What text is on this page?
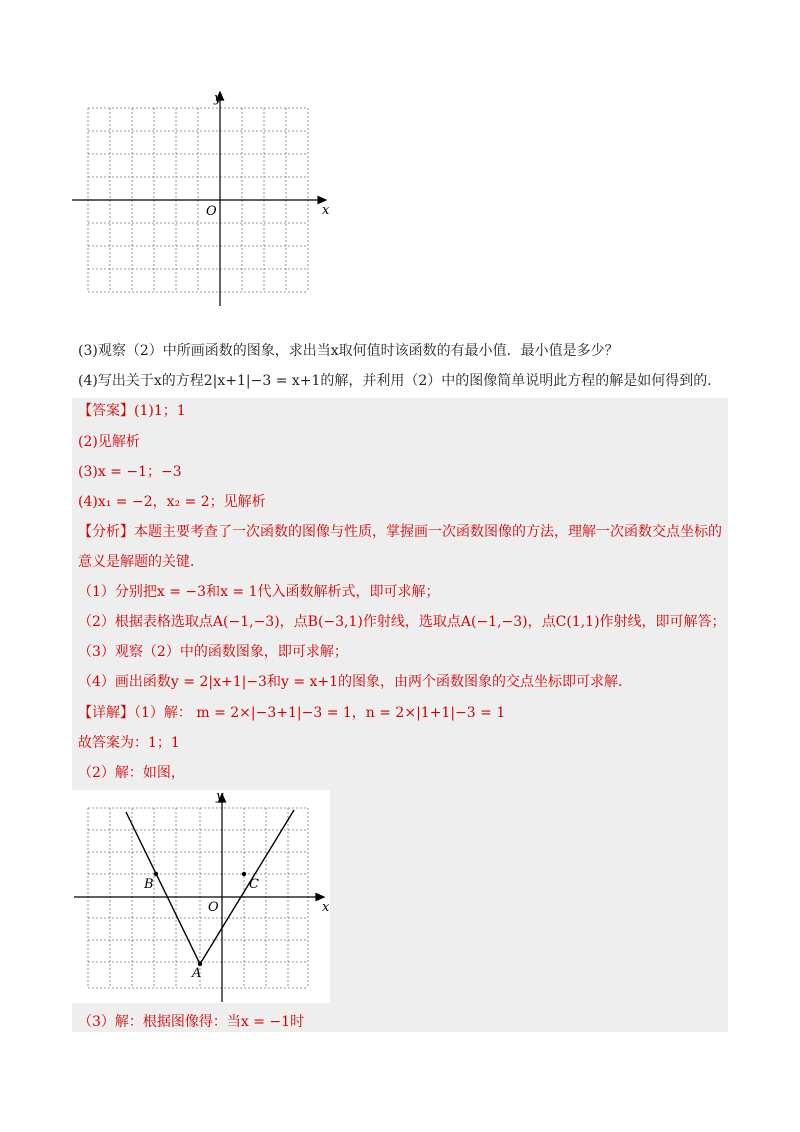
y
x
O
(3)观察（2）中所画函数的图象，求出当x取何值时该函数的有最小值．最小值是多少？
(4)写出关于x的方程2|x+1|−3 = x+1的解，并利用（2）中的图像简单说明此方程的解是如何得到的．
【答案】(1)1；1
(2)见解析
(3)x = −1；−3
(4)x₁ = −2，x₂ = 2；见解析
【分析】本题主要考查了一次函数的图像与性质，掌握画一次函数图像的方法，理解一次函数交点坐标的
意义是解题的关键．
（1）分别把x = −3和x = 1代入函数解析式，即可求解；
（2）根据表格选取点A(−1,−3)，点B(−3,1)作射线，选取点A(−1,−3)，点C(1,1)作射线，即可解答；
（3）观察（2）中的函数图象，即可求解；
（4）画出函数y = 2|x+1|−3和y = x+1的图象，由两个函数图象的交点坐标即可求解．
【详解】（1）解： m = 2×|−3+1|−3 = 1，n = 2×|1+1|−3 = 1
故答案为：1；1
（2）解：如图，
y
x
O
A
B	C
（3）解：根据图像得：当x = −1时
